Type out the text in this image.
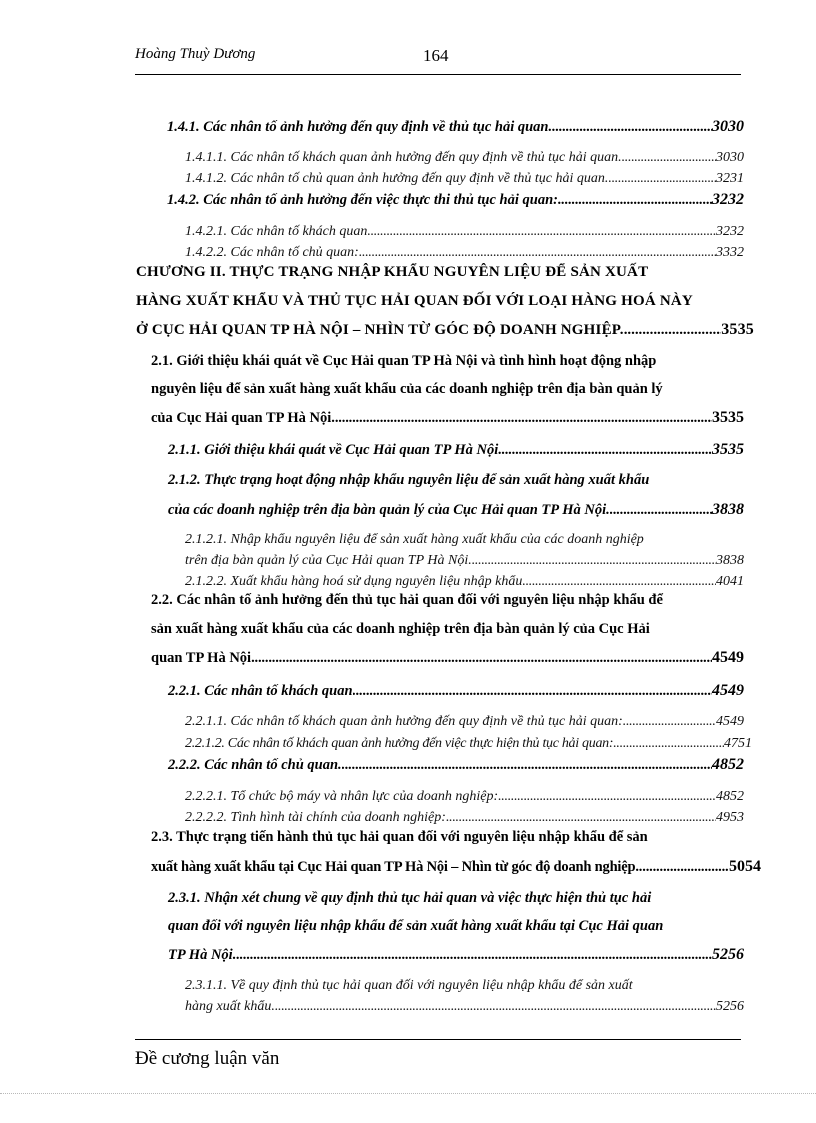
Hoàng Thuỳ Dương	164
1.4.1. Các nhân tố ảnh hưởng đến quy định về thủ tục hải quan. . . .	3030
1.4.1.1. Các nhân tố khách quan ảnh hưởng đến quy định về thủ tục hải quan. . . .	3030
1.4.1.2. Các nhân tố chủ quan ảnh hưởng đến quy định về thủ tục hải quan. . . .	3231
1.4.2. Các nhân tố ảnh hưởng đến việc thực thi thủ tục hải quan: . . .	3232
1.4.2.1. Các nhân tố khách quan . . .	3232
1.4.2.2. Các nhân tố chủ quan: . . .	3332
CHƯƠNG II. THỰC TRẠNG NHẬP KHẨU NGUYÊN LIỆU ĐỂ SẢN XUẤT
HÀNG XUẤT KHẨU VÀ THỦ TỤC HẢI QUAN ĐỐI VỚI LOẠI HÀNG HOÁ NÀY
Ở CỤC HẢI QUAN TP HÀ NỘI – NHÌN TỪ GÓC ĐỘ DOANH NGHIỆP. . . .	3535
2.1. Giới thiệu khái quát về Cục Hải quan TP Hà Nội và tình hình hoạt động nhập
nguyên liệu để sản xuất hàng xuất khẩu của các doanh nghiệp trên địa bàn quản lý
của Cục Hải quan TP Hà Nội. . . .	3535
2.1.1. Giới thiệu khái quát về Cục Hải quan TP Hà Nội . . .	3535
2.1.2. Thực trạng hoạt động nhập khẩu nguyên liệu để sản xuất hàng xuất khẩu
của các doanh nghiệp trên địa bàn quản lý của Cục Hải quan TP Hà Nội. . . .	3838
2.1.2.1. Nhập khẩu nguyên liệu để sản xuất hàng xuất khẩu của các doanh nghiệp
trên địa bàn quản lý của Cục Hải quan TP Hà Nội. . . .	3838
2.1.2.2. Xuất khẩu hàng hoá sử dụng nguyên liệu nhập khẩu . . .	4041
2.2. Các nhân tố ảnh hưởng đến thủ tục hải quan đối với nguyên liệu nhập khẩu để
sản xuất hàng xuất khẩu của các doanh nghiệp trên địa bàn quản lý của Cục Hải
quan TP Hà Nội . . .	4549
2.2.1. Các nhân tố khách quan . . .	4549
2.2.1.1. Các nhân tố khách quan ảnh hưởng đến quy định về thủ tục hải quan: . . .	4549
2.2.1.2. Các nhân tố khách quan ảnh hưởng đến việc thực hiện thủ tục hải quan: . . .	4751
2.2.2. Các nhân tố chủ quan. . . .	4852
2.2.2.1. Tổ chức bộ máy và nhân lực của doanh nghiệp: . . .	4852
2.2.2.2. Tình hình tài chính của doanh nghiệp: . . .	4953
2.3. Thực trạng tiến hành thủ tục hải quan đối với nguyên liệu nhập khẩu để sản
xuất hàng xuất khẩu tại Cục Hải quan TP Hà Nội – Nhìn từ góc độ doanh nghiệp. . . .	5054
2.3.1. Nhận xét chung về quy định thủ tục hải quan và việc thực hiện thủ tục hải
quan đối với nguyên liệu nhập khẩu để sản xuất hàng xuất khẩu tại Cục Hải quan
TP Hà Nội. . . .	5256
2.3.1.1. Về quy định thủ tục hải quan đối với nguyên liệu nhập khẩu để sản xuất
hàng xuất khẩu. . . .	5256
Đề cương luận văn
